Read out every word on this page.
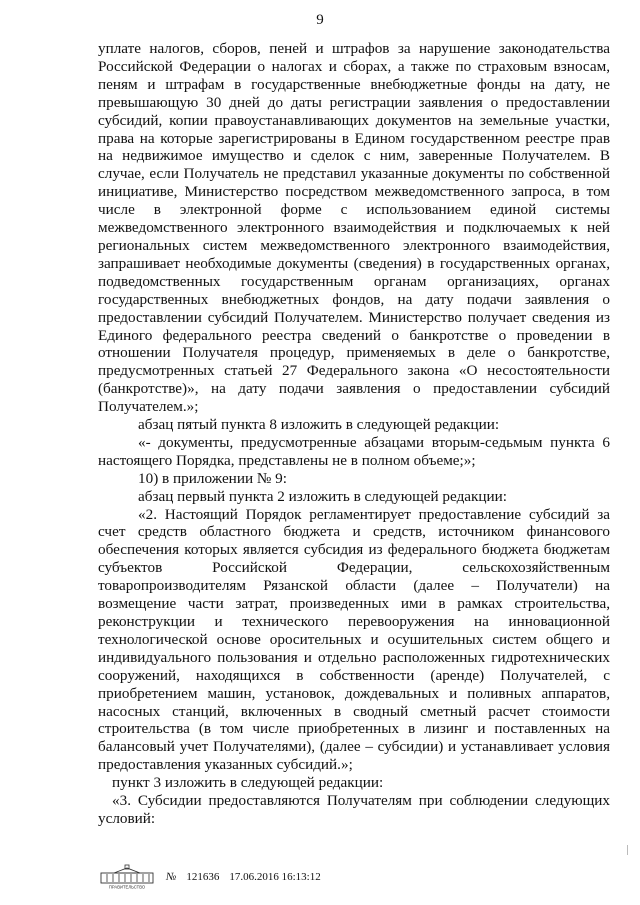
9

уплате налогов, сборов, пеней и штрафов за нарушение законодательства Российской Федерации о налогах и сборах, а также по страховым взносам, пеням и штрафам в государственные внебюджетные фонды на дату, не превышающую 30 дней до даты регистрации заявления о предоставлении субсидий, копии правоустанавливающих документов на земельные участки, права на которые зарегистрированы в Едином государственном реестре прав на недвижимое имущество и сделок с ним, заверенные Получателем. В случае, если Получатель не представил указанные документы по собственной инициативе, Министерство посредством межведомственного запроса, в том числе в электронной форме с использованием единой системы межведомственного электронного взаимодействия и подключаемых к ней региональных систем межведомственного электронного взаимодействия, запрашивает необходимые документы (сведения) в государственных органах, подведомственных государственным органам организациях, органах государственных внебюджетных фондов, на дату подачи заявления о предоставлении субсидий Получателем. Министерство получает сведения из Единого федерального реестра сведений о банкротстве о проведении в отношении Получателя процедур, применяемых в деле о банкротстве, предусмотренных статьей 27 Федерального закона «О несостоятельности (банкротстве)», на дату подачи заявления о предоставлении субсидий Получателем.»;

абзац пятый пункта 8 изложить в следующей редакции:

«- документы, предусмотренные абзацами вторым-седьмым пункта 6 настоящего Порядка, представлены не в полном объеме;»;

10) в приложении № 9:

абзац первый пункта 2 изложить в следующей редакции:

«2. Настоящий Порядок регламентирует предоставление субсидий за счет средств областного бюджета и средств, источником финансового обеспечения которых является субсидия из федерального бюджета бюджетам субъектов Российской Федерации, сельскохозяйственным товаропроизводителям Рязанской области (далее – Получатели) на возмещение части затрат, произведенных ими в рамках строительства, реконструкции и технического перевооружения на инновационной технологической основе оросительных и осушительных систем общего и индивидуального пользования и отдельно расположенных гидротехнических сооружений, находящихся в собственности (аренде) Получателей, с приобретением машин, установок, дождевальных и поливных аппаратов, насосных станций, включенных в сводный сметный расчет стоимости строительства (в том числе приобретенных в лизинг и поставленных на балансовый учет Получателями), (далее – субсидии) и устанавливает условия предоставления указанных субсидий.»;

пункт 3 изложить в следующей редакции:

«3. Субсидии предоставляются Получателям при соблюдении следующих условий:

ПРАВИТЕЛЬСТВО
№ 121636 17.06.2016 16:13:12
